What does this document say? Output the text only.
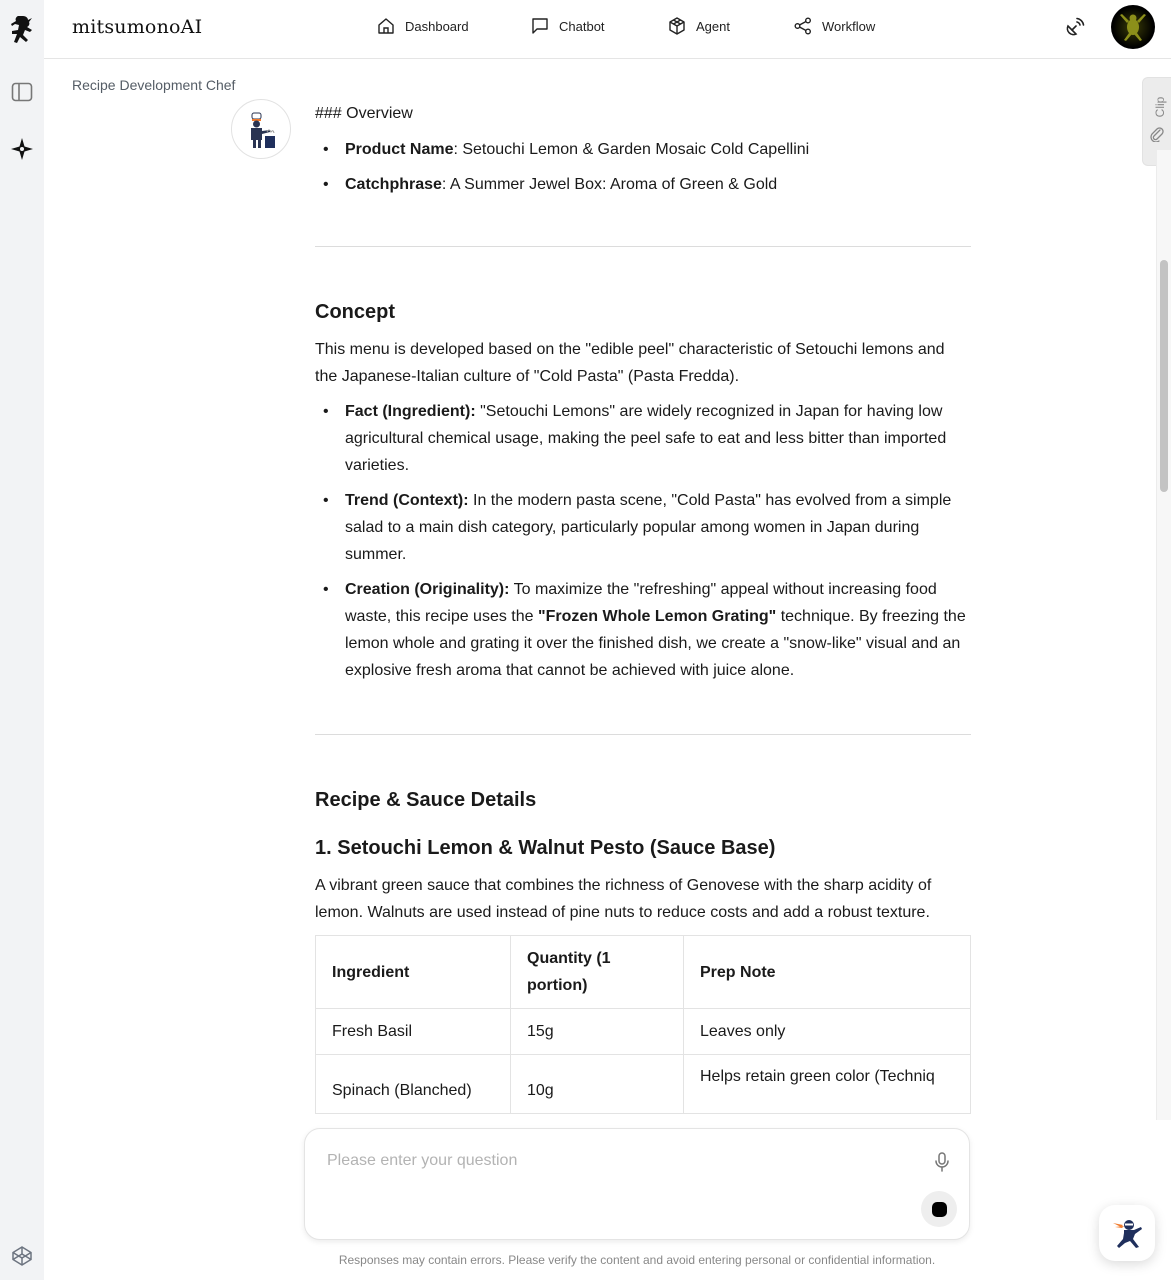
mitsumonoAI	Dashboard	Chatbot	Agent	Workflow
Recipe Development Chef

### Overview

• Product Name: Setouchi Lemon & Garden Mosaic Cold Capellini
• Catchphrase: A Summer Jewel Box: Aroma of Green & Gold
Concept

This menu is developed based on the "edible peel" characteristic of Setouchi lemons and the Japanese-Italian culture of "Cold Pasta" (Pasta Fredda).

• Fact (Ingredient): "Setouchi Lemons" are widely recognized in Japan for having low agricultural chemical usage, making the peel safe to eat and less bitter than imported varieties.
• Trend (Context): In the modern pasta scene, "Cold Pasta" has evolved from a simple salad to a main dish category, particularly popular among women in Japan during summer.
• Creation (Originality): To maximize the "refreshing" appeal without increasing food waste, this recipe uses the "Frozen Whole Lemon Grating" technique. By freezing the lemon whole and grating it over the finished dish, we create a "snow-like" visual and an explosive fresh aroma that cannot be achieved with juice alone.
Recipe & Sauce Details
1. Setouchi Lemon & Walnut Pesto (Sauce Base)

A vibrant green sauce that combines the richness of Genovese with the sharp acidity of lemon. Walnuts are used instead of pine nuts to reduce costs and add a robust texture.

Ingredient	Quantity (1 portion)	Prep Note
Fresh Basil	15g	Leaves only
Spinach (Blanched)	10g	Helps retain green color (Techniq
Clip
Please enter your question
Responses may contain errors. Please verify the content and avoid entering personal or confidential information.
